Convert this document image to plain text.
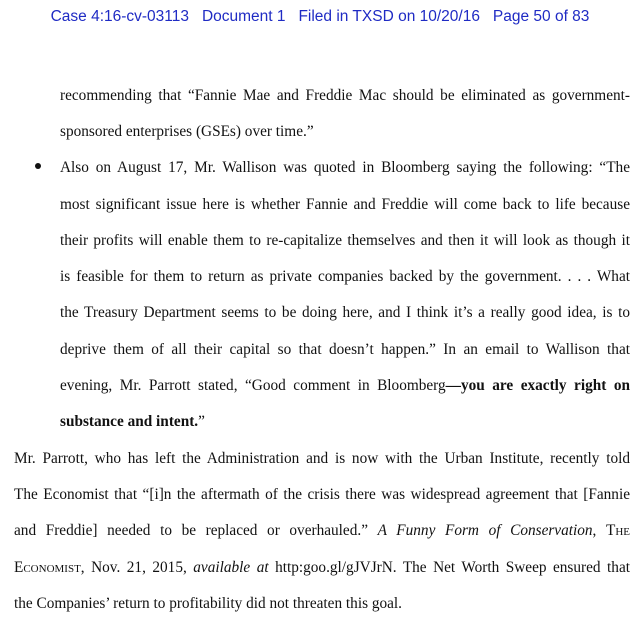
Case 4:16-cv-03113 Document 1 Filed in TXSD on 10/20/16 Page 50 of 83
recommending that “Fannie Mae and Freddie Mac should be eliminated as government-
sponsored enterprises (GSEs) over time.”
Also on August 17, Mr. Wallison was quoted in Bloomberg saying the following: “The
most significant issue here is whether Fannie and Freddie will come back to life because
their profits will enable them to re-capitalize themselves and then it will look as though it
is feasible for them to return as private companies backed by the government. . . . What
the Treasury Department seems to be doing here, and I think it’s a really good idea, is to
deprive them of all their capital so that doesn’t happen.” In an email to Wallison that
evening, Mr. Parrott stated, “Good comment in Bloomberg—you are exactly right on
substance and intent.”
Mr. Parrott, who has left the Administration and is now with the Urban Institute, recently told
The Economist that “[i]n the aftermath of the crisis there was widespread agreement that [Fannie
and Freddie] needed to be replaced or overhauled.” A Funny Form of Conservation, The
Economist, Nov. 21, 2015, available at http:goo.gl/gJVJrN. The Net Worth Sweep ensured that
the Companies’ return to profitability did not threaten this goal.
